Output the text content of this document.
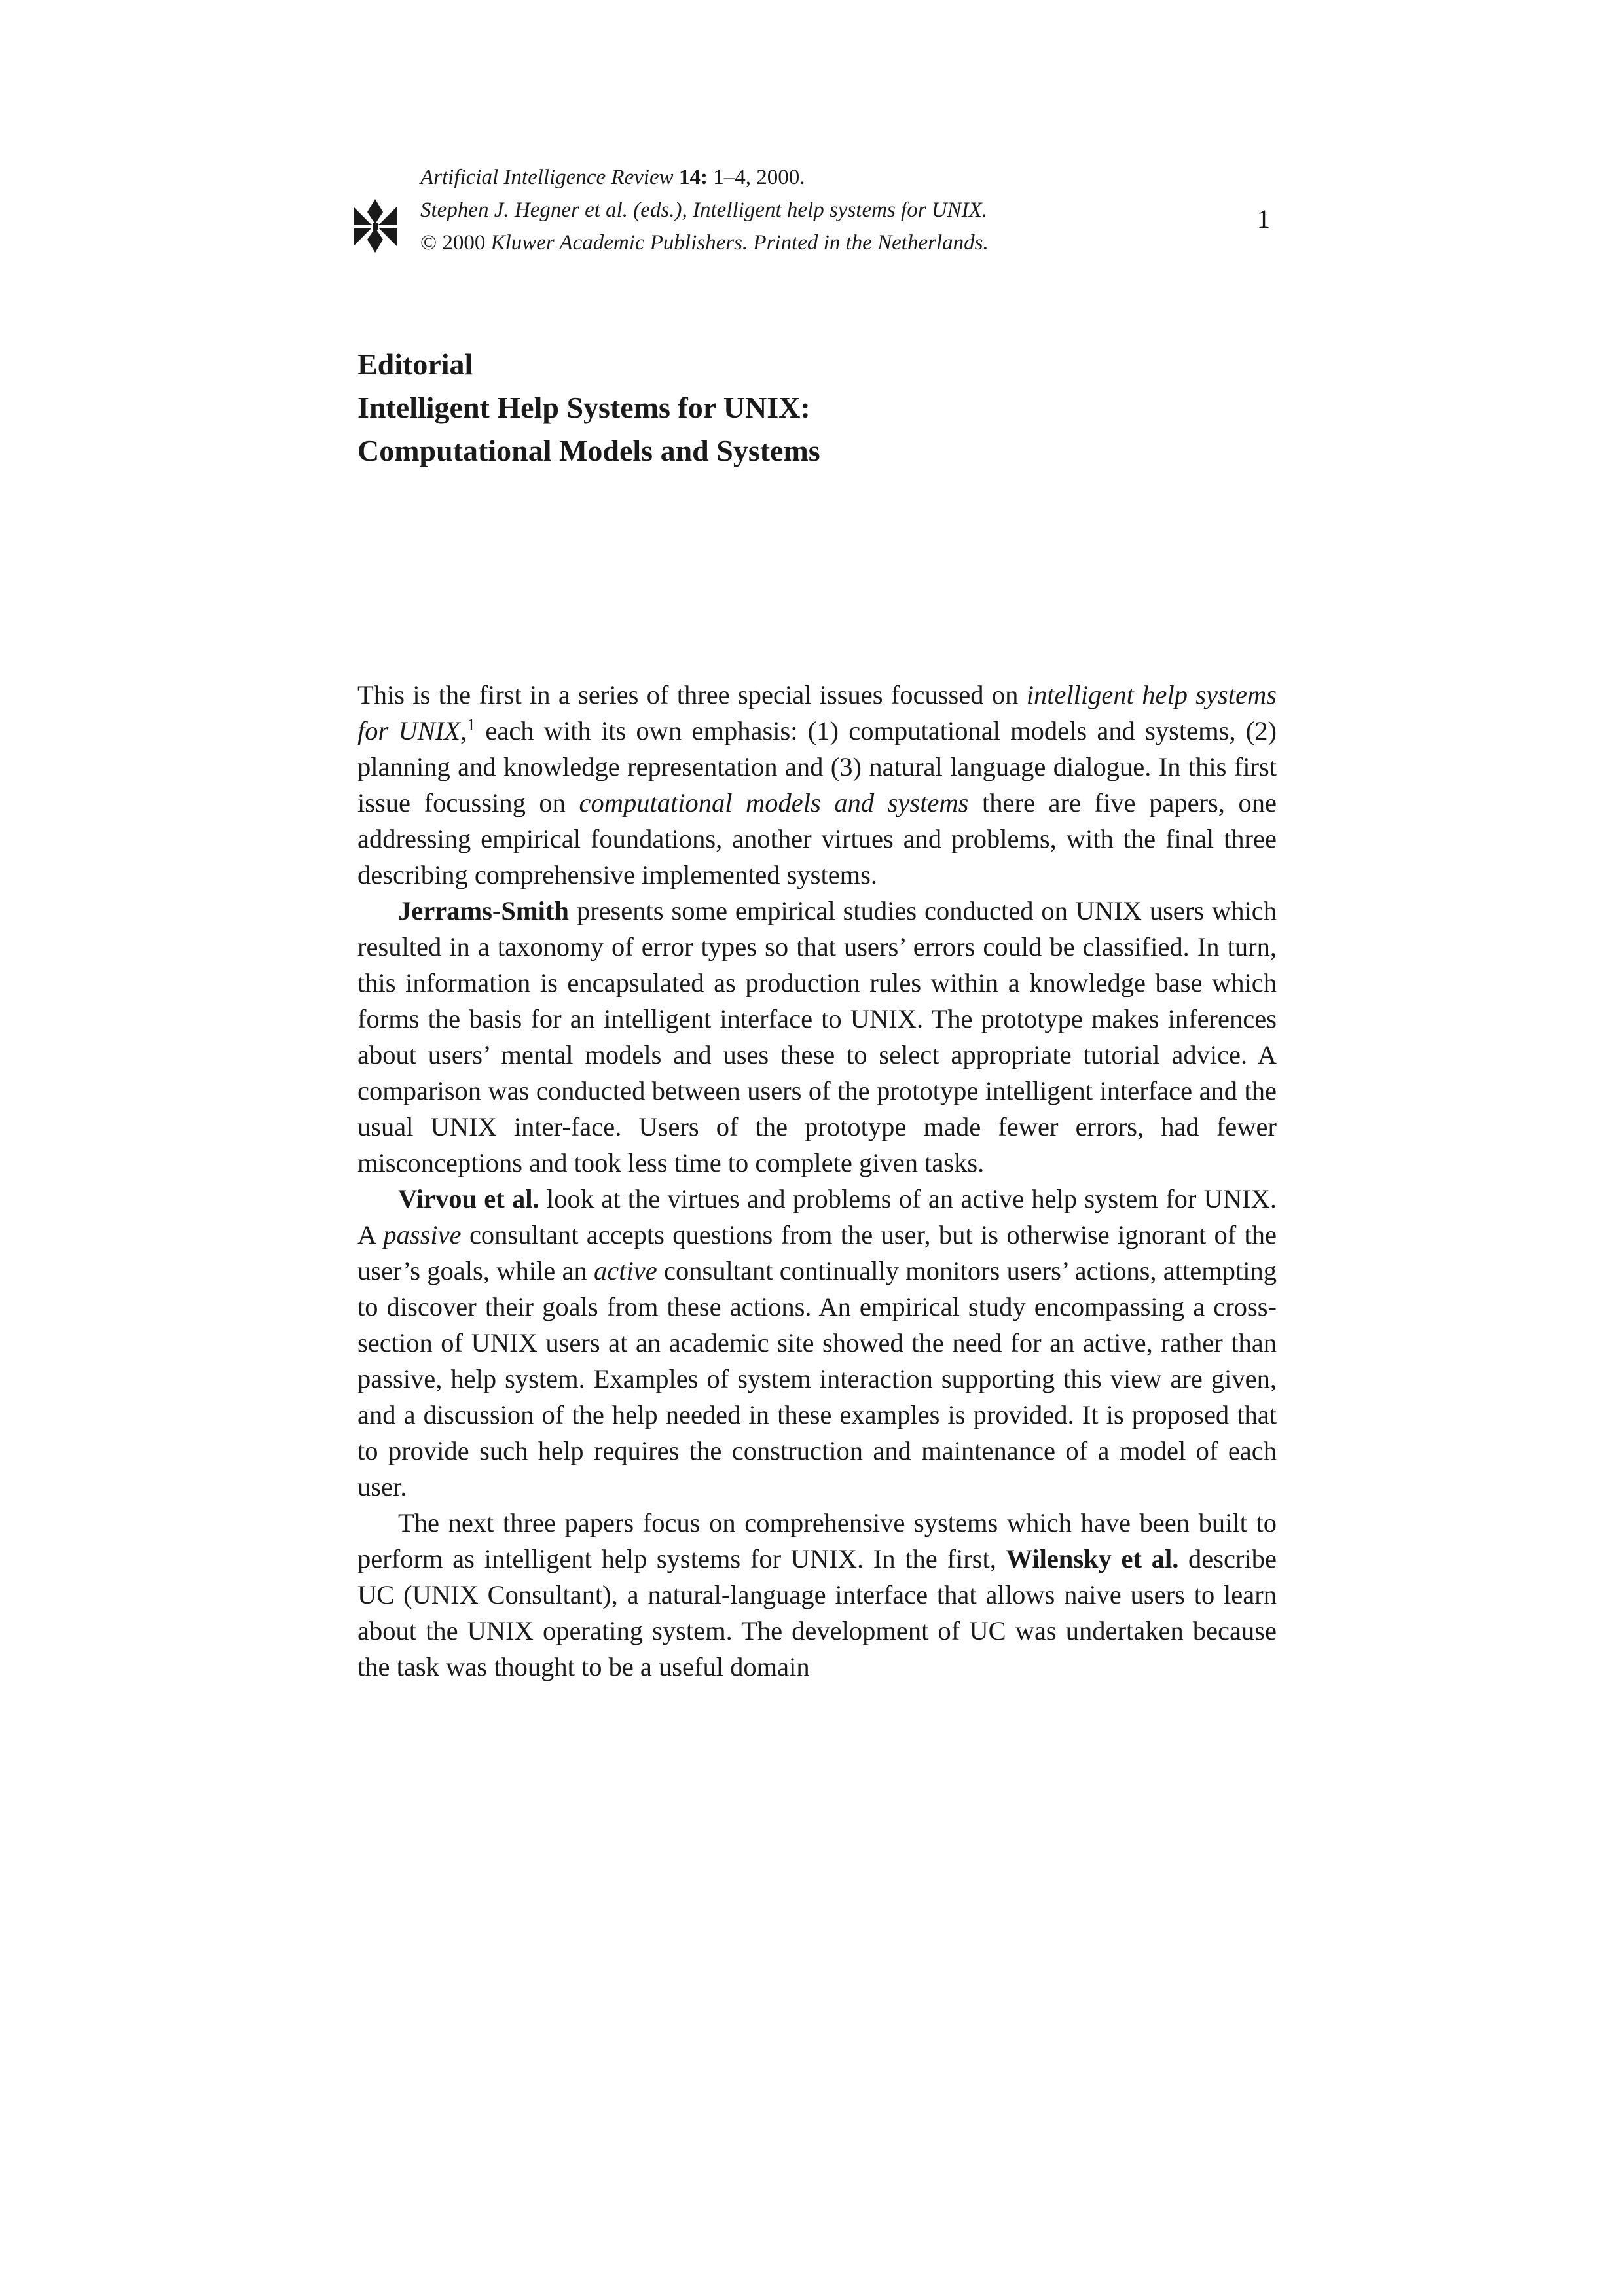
Artificial Intelligence Review 14: 1–4, 2000.
Stephen J. Hegner et al. (eds.), Intelligent help systems for UNIX.
© 2000 Kluwer Academic Publishers. Printed in the Netherlands.
1
Editorial
Intelligent Help Systems for UNIX:
Computational Models and Systems

This is the first in a series of three special issues focussed on intelligent help systems for UNIX,$^1$ each with its own emphasis: (1) computational models and systems, (2) planning and knowledge representation and (3) natural language dialogue. In this first issue focussing on computational models and systems there are five papers, one addressing empirical foundations, another virtues and problems, with the final three describing comprehensive implemented systems.

Jerrams-Smith presents some empirical studies conducted on UNIX users which resulted in a taxonomy of error types so that users’ errors could be classified. In turn, this information is encapsulated as production rules within a knowledge base which forms the basis for an intelligent interface to UNIX. The prototype makes inferences about users’ mental models and uses these to select appropriate tutorial advice. A comparison was conducted between users of the prototype intelligent interface and the usual UNIX inter-face. Users of the prototype made fewer errors, had fewer misconceptions and took less time to complete given tasks.

Virvou et al. look at the virtues and problems of an active help system for UNIX. A passive consultant accepts questions from the user, but is otherwise ignorant of the user’s goals, while an active consultant continually monitors users’ actions, attempting to discover their goals from these actions. An empirical study encompassing a cross-section of UNIX users at an academic site showed the need for an active, rather than passive, help system. Examples of system interaction supporting this view are given, and a discussion of the help needed in these examples is provided. It is proposed that to provide such help requires the construction and maintenance of a model of each user.

The next three papers focus on comprehensive systems which have been built to perform as intelligent help systems for UNIX. In the first, Wilensky et al. describe UC (UNIX Consultant), a natural-language interface that allows naive users to learn about the UNIX operating system. The development of UC was undertaken because the task was thought to be a useful domain
